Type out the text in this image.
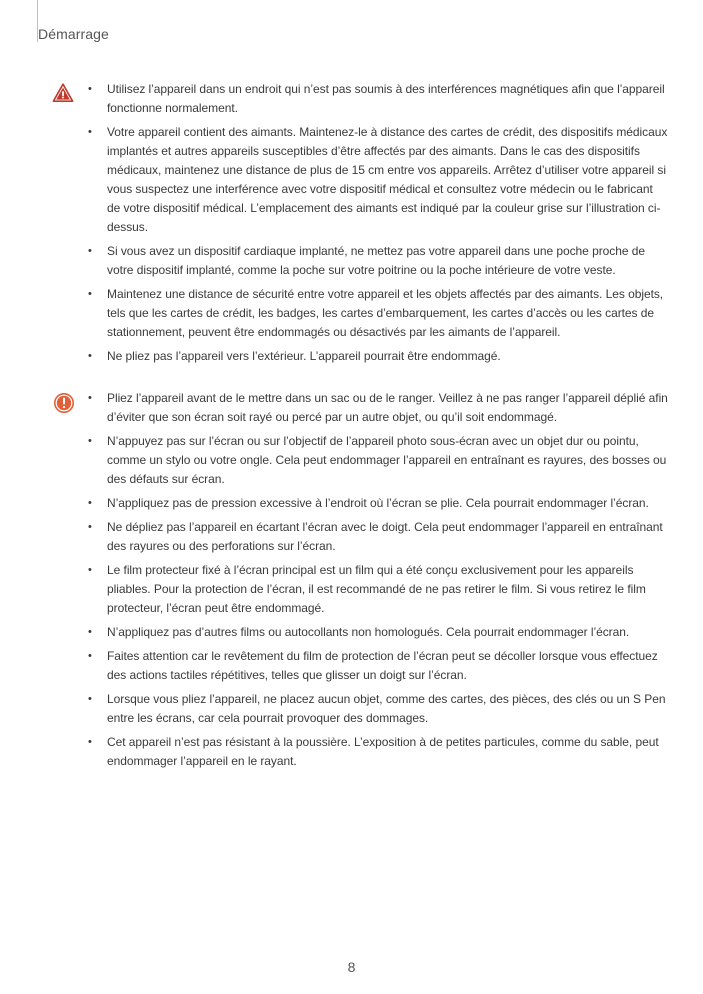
Démarrage
•	Utilisez l’appareil dans un endroit qui n’est pas soumis à des interférences magnétiques afin que l’appareil fonctionne normalement.
•	Votre appareil contient des aimants. Maintenez-le à distance des cartes de crédit, des dispositifs médicaux implantés et autres appareils susceptibles d’être affectés par des aimants. Dans le cas des dispositifs médicaux, maintenez une distance de plus de 15 cm entre vos appareils. Arrêtez d’utiliser votre appareil si vous suspectez une interférence avec votre dispositif médical et consultez votre médecin ou le fabricant de votre dispositif médical. L’emplacement des aimants est indiqué par la couleur grise sur l’illustration ci-dessus.
•	Si vous avez un dispositif cardiaque implanté, ne mettez pas votre appareil dans une poche proche de votre dispositif implanté, comme la poche sur votre poitrine ou la poche intérieure de votre veste.
•	Maintenez une distance de sécurité entre votre appareil et les objets affectés par des aimants. Les objets, tels que les cartes de crédit, les badges, les cartes d’embarquement, les cartes d’accès ou les cartes de stationnement, peuvent être endommagés ou désactivés par les aimants de l’appareil.
•	Ne pliez pas l’appareil vers l’extérieur. L’appareil pourrait être endommagé.
•	Pliez l’appareil avant de le mettre dans un sac ou de le ranger. Veillez à ne pas ranger l’appareil déplié afin d’éviter que son écran soit rayé ou percé par un autre objet, ou qu’il soit endommagé.
•	N’appuyez pas sur l’écran ou sur l’objectif de l’appareil photo sous-écran avec un objet dur ou pointu, comme un stylo ou votre ongle. Cela peut endommager l’appareil en entraînant es rayures, des bosses ou des défauts sur écran.
•	N’appliquez pas de pression excessive à l’endroit où l’écran se plie. Cela pourrait endommager l’écran.
•	Ne dépliez pas l’appareil en écartant l’écran avec le doigt. Cela peut endommager l’appareil en entraînant des rayures ou des perforations sur l’écran.
•	Le film protecteur fixé à l’écran principal est un film qui a été conçu exclusivement pour les appareils pliables. Pour la protection de l’écran, il est recommandé de ne pas retirer le film. Si vous retirez le film protecteur, l’écran peut être endommagé.
•	N’appliquez pas d’autres films ou autocollants non homologués. Cela pourrait endommager l’écran.
•	Faites attention car le revêtement du film de protection de l’écran peut se décoller lorsque vous effectuez des actions tactiles répétitives, telles que glisser un doigt sur l’écran.
•	Lorsque vous pliez l’appareil, ne placez aucun objet, comme des cartes, des pièces, des clés ou un S Pen entre les écrans, car cela pourrait provoquer des dommages.
•	Cet appareil n’est pas résistant à la poussière. L’exposition à de petites particules, comme du sable, peut endommager l’appareil en le rayant.
8
